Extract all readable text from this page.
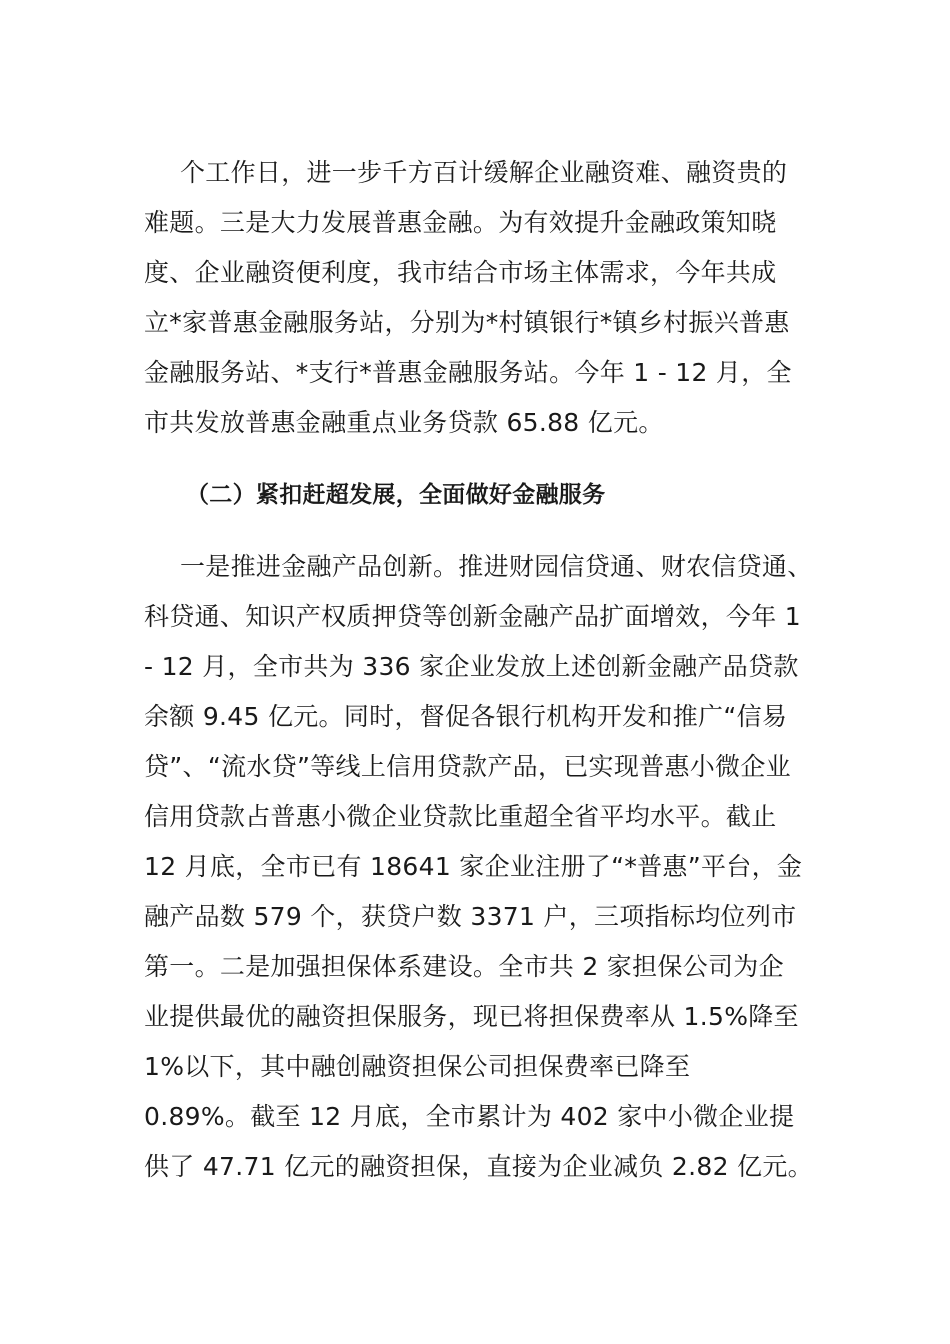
个工作日，进一步千方百计缓解企业融资难、融资贵的
难题。三是大力发展普惠金融。为有效提升金融政策知晓
度、企业融资便利度，我市结合市场主体需求，今年共成
立*家普惠金融服务站，分别为*村镇银行*镇乡村振兴普惠
金融服务站、*支行*普惠金融服务站。今年 1 - 12 月，全
市共发放普惠金融重点业务贷款 65.88 亿元。
（二）紧扣赶超发展，全面做好金融服务
一是推进金融产品创新。推进财园信贷通、财农信贷通、
科贷通、知识产权质押贷等创新金融产品扩面增效，今年 1
- 12 月，全市共为 336 家企业发放上述创新金融产品贷款
余额 9.45 亿元。同时，督促各银行机构开发和推广“信易
贷”、“流水贷”等线上信用贷款产品，已实现普惠小微企业
信用贷款占普惠小微企业贷款比重超全省平均水平。截止
12 月底，全市已有 18641 家企业注册了“*普惠”平台，金
融产品数 579 个，获贷户数 3371 户，三项指标均位列市
第一。二是加强担保体系建设。全市共 2 家担保公司为企
业提供最优的融资担保服务，现已将担保费率从 1.5%降至
1%以下，其中融创融资担保公司担保费率已降至
0.89%。截至 12 月底，全市累计为 402 家中小微企业提
供了 47.71 亿元的融资担保，直接为企业减负 2.82 亿元。
